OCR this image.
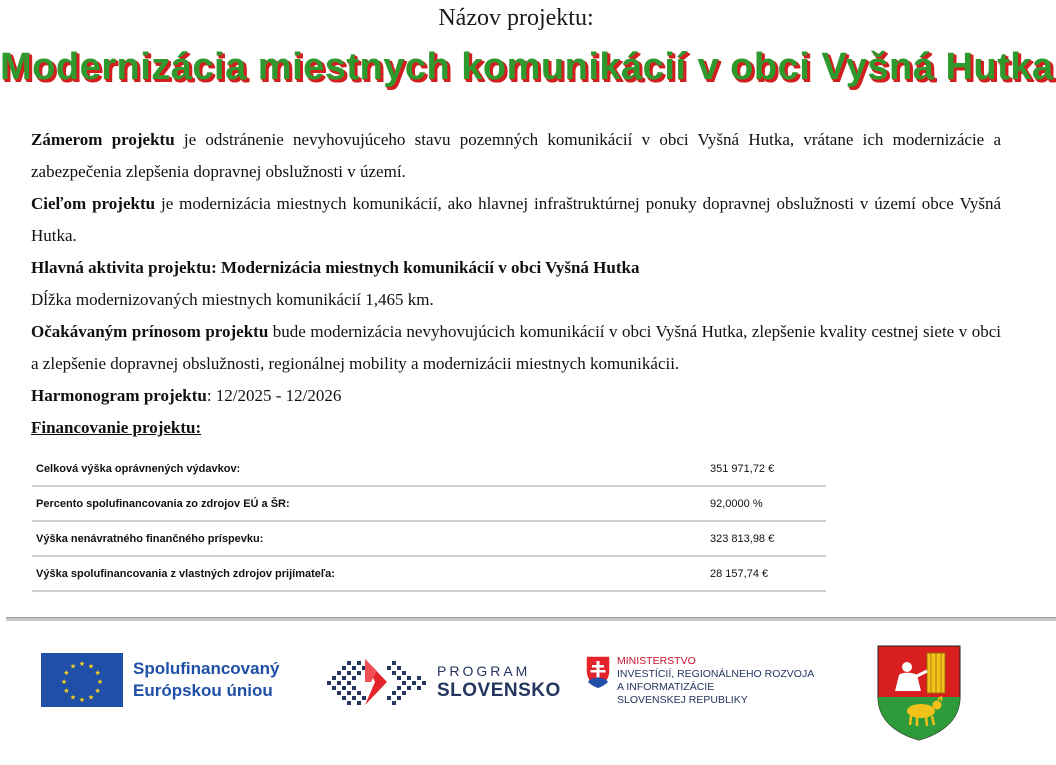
Názov projektu:
Modernizácia miestnych komunikácií v obci Vyšná Hutka

Zámerom projektu je odstránenie nevyhovujúceho stavu pozemných komunikácií v obci Vyšná Hutka, vrátane ich modernizácie a zabezpečenia zlepšenia dopravnej obslužnosti v území.

Cieľom projektu je modernizácia miestnych komunikácií, ako hlavnej infraštruktúrnej ponuky dopravnej obslužnosti v území obce Vyšná Hutka.

Hlavná aktivita projektu: Modernizácia miestnych komunikácií v obci Vyšná Hutka

Dĺžka modernizovaných miestnych komunikácií 1,465 km.

Očakávaným prínosom projektu bude modernizácia nevyhovujúcich komunikácií v obci Vyšná Hutka, zlepšenie kvality cestnej siete v obci a zlepšenie dopravnej obslužnosti, regionálnej mobility a modernizácii miestnych komunikácii.

Harmonogram projektu: 12/2025 - 12/2026

Financovanie projektu:

Celková výška oprávnených výdavkov:	351 971,72 €
Percento spolufinancovania zo zdrojov EÚ a ŠR:	92,0000 %
Výška nenávratného finančného príspevku:	323 813,98 €
Výška spolufinancovania z vlastných zdrojov prijímateľa:	28 157,74 €
★ ★
★
★
★
★
★
★
★
★
★
★	Spolufinancovaný
Európskou úniou
PROGRAM
SLOVENSKO
MINISTERSTVO
INVESTÍCIÍ, REGIONÁLNEHO ROZVOJA
A INFORMATIZÁCIE
SLOVENSKEJ REPUBLIKY
